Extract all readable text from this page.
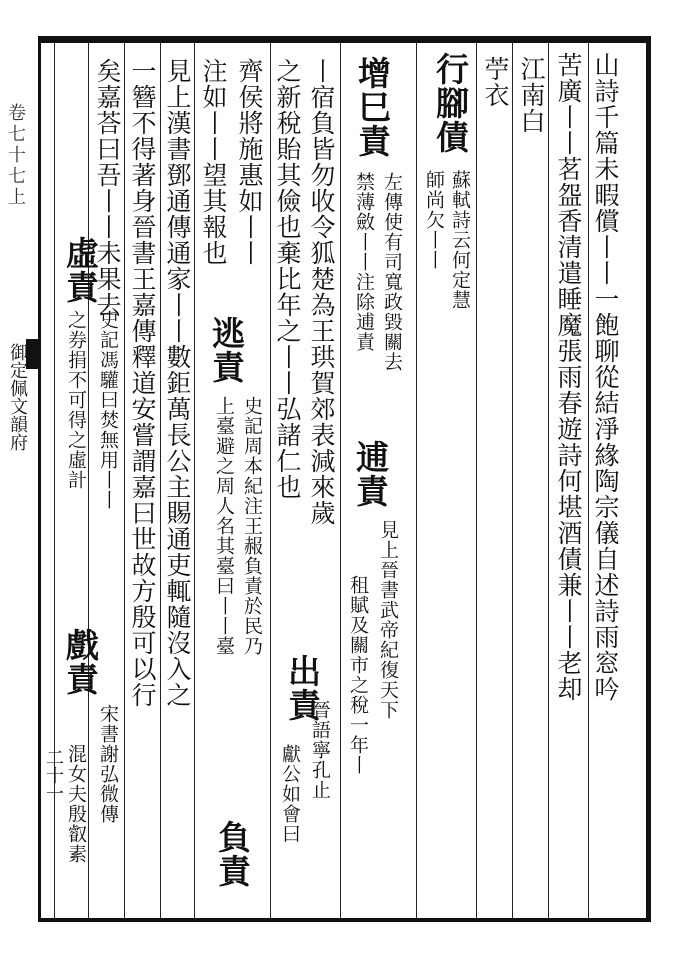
卷七十七上
御定佩文韻府
二十一
山詩千篇未暇償丨丨一飽聊從結淨緣陶宗儀自述詩雨窓吟
苦廣丨丨茗盌香清遣睡魔張雨春遊詩何堪酒債兼丨丨老却
江南白
苧衣
行腳債
蘇軾詩云何定慧
師尚欠丨丨
增巳責
左傳使有司寬政毀關去
禁薄斂丨丨注除逋責
逋責
見上晉書武帝紀復天下
租賦及關市之稅一年丨
出責
晉語寧孔止
獻公如會曰
丨宿負皆勿收令狐楚為王珙賀郊表減來歲
之新稅貽其儉也棄比年之丨丨弘諸仁也
齊侯將施惠如丨丨
逃責
史記周本紀注王赧負責於民乃
上臺避之周人名其臺曰丨丨臺
負責
注如丨丨望其報也
見上漢書鄧通傳通家丨丨數鉅萬長公主賜通吏輒隨沒入之
一簪不得著身晉書王嘉傳釋道安嘗謂嘉曰世故方殷可以行
矣嘉荅曰吾丨丨未果去
虛責
史記馮驩曰焚無用丨丨
之券捐不可得之虛計
戲責
宋書謝弘微傳
混女夫殷叡素
